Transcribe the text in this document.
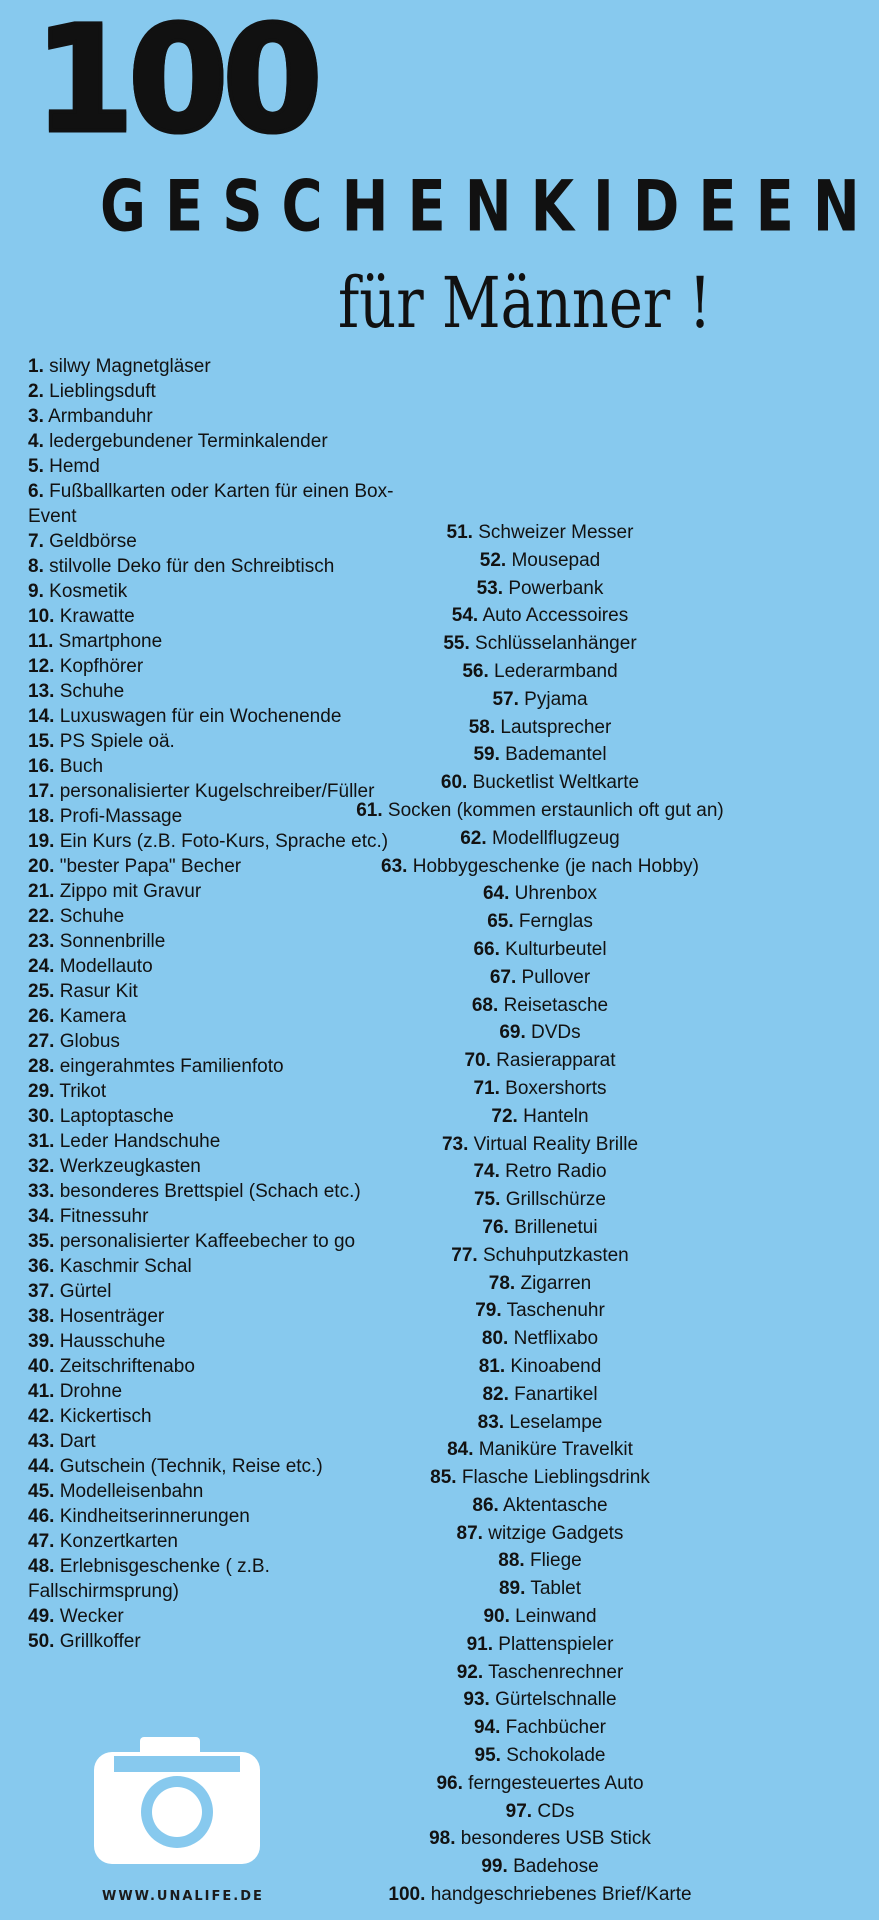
100
GESCHENKIDEEN
für Männer !
1. silwy Magnetgläser
2. Lieblingsduft
3. Armbanduhr
4. ledergebundener Terminkalender
5. Hemd
6. Fußballkarten oder Karten für einen Box-
Event
7. Geldbörse
8. stilvolle Deko für den Schreibtisch
9. Kosmetik
10. Krawatte
11. Smartphone
12. Kopfhörer
13. Schuhe
14. Luxuswagen für ein Wochenende
15. PS Spiele oä.
16. Buch
17. personalisierter Kugelschreiber/Füller
18. Profi-Massage
19. Ein Kurs (z.B. Foto-Kurs, Sprache etc.)
20. "bester Papa" Becher
21. Zippo mit Gravur
22. Schuhe
23. Sonnenbrille
24. Modellauto
25. Rasur Kit
26. Kamera
27. Globus
28. eingerahmtes Familienfoto
29. Trikot
30. Laptoptasche
31. Leder Handschuhe
32. Werkzeugkasten
33. besonderes Brettspiel (Schach etc.)
34. Fitnessuhr
35. personalisierter Kaffeebecher to go
36. Kaschmir Schal
37. Gürtel
38. Hosenträger
39. Hausschuhe
40. Zeitschriftenabo
41. Drohne
42. Kickertisch
43. Dart
44. Gutschein (Technik, Reise etc.)
45. Modelleisenbahn
46. Kindheitserinnerungen
47. Konzertkarten
48. Erlebnisgeschenke ( z.B.
Fallschirmsprung)
49. Wecker
50. Grillkoffer
51. Schweizer Messer
52. Mousepad
53. Powerbank
54. Auto Accessoires
55. Schlüsselanhänger
56. Lederarmband
57. Pyjama
58. Lautsprecher
59. Bademantel
60. Bucketlist Weltkarte
61. Socken (kommen erstaunlich oft gut an)
62. Modellflugzeug
63. Hobbygeschenke (je nach Hobby)
64. Uhrenbox
65. Fernglas
66. Kulturbeutel
67. Pullover
68. Reisetasche
69. DVDs
70. Rasierapparat
71. Boxershorts
72. Hanteln
73. Virtual Reality Brille
74. Retro Radio
75. Grillschürze
76. Brillenetui
77. Schuhputzkasten
78. Zigarren
79. Taschenuhr
80. Netflixabo
81. Kinoabend
82. Fanartikel
83. Leselampe
84. Maniküre Travelkit
85. Flasche Lieblingsdrink
86. Aktentasche
87. witzige Gadgets
88. Fliege
89. Tablet
90. Leinwand
91. Plattenspieler
92. Taschenrechner
93. Gürtelschnalle
94. Fachbücher
95. Schokolade
96. ferngesteuertes Auto
97. CDs
98. besonderes USB Stick
99. Badehose
100. handgeschriebenes Brief/Karte
WWW.UNALIFE.DE
